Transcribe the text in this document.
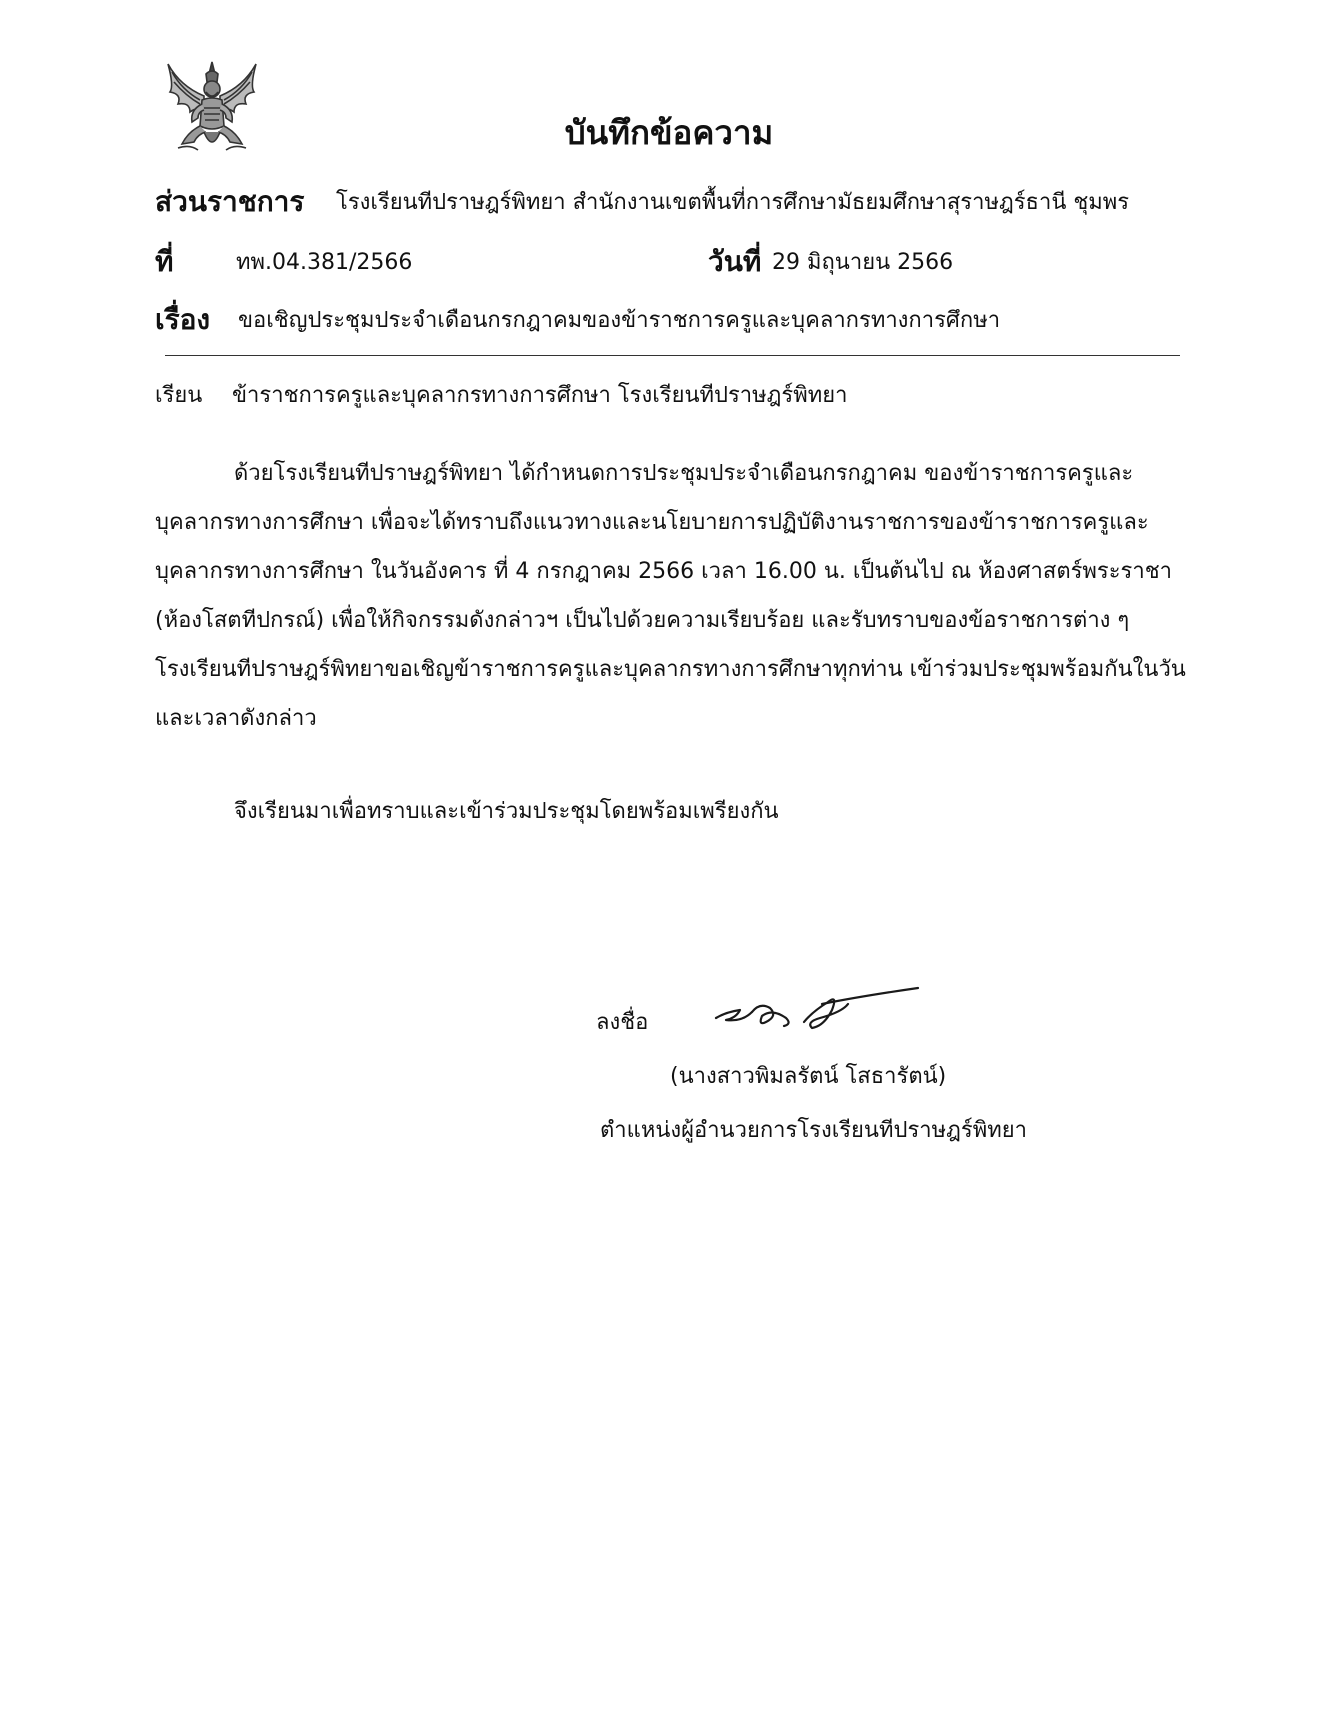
บันทึกข้อความ
ส่วนราชการ โรงเรียนทีปราษฎร์พิทยา สำนักงานเขตพื้นที่การศึกษามัธยมศึกษาสุราษฎร์ธานี ชุมพร
ที่	ทพ.04.381/2566	วันที่ 29 มิถุนายน 2566
เรื่อง ขอเชิญประชุมประจำเดือนกรกฎาคมของข้าราชการครูและบุคลากรทางการศึกษา
เรียน ข้าราชการครูและบุคลากรทางการศึกษา โรงเรียนทีปราษฎร์พิทยา
ด้วยโรงเรียนทีปราษฎร์พิทยา ได้กำหนดการประชุมประจำเดือนกรกฎาคม ของข้าราชการครูและ
บุคลากรทางการศึกษา เพื่อจะได้ทราบถึงแนวทางและนโยบายการปฏิบัติงานราชการของข้าราชการครูและ
บุคลากรทางการศึกษา ในวันอังคาร ที่ 4 กรกฎาคม 2566 เวลา 16.00 น. เป็นต้นไป ณ ห้องศาสตร์พระราชา
(ห้องโสตทีปกรณ์) เพื่อให้กิจกรรมดังกล่าวฯ เป็นไปด้วยความเรียบร้อย และรับทราบของข้อราชการต่าง ๆ
โรงเรียนทีปราษฎร์พิทยาขอเชิญข้าราชการครูและบุคลากรทางการศึกษาทุกท่าน เข้าร่วมประชุมพร้อมกันในวัน
และเวลาดังกล่าว
จึงเรียนมาเพื่อทราบและเข้าร่วมประชุมโดยพร้อมเพรียงกัน
ลงชื่อ
(นางสาวพิมลรัตน์ โสธารัตน์)
ตำแหน่งผู้อำนวยการโรงเรียนทีปราษฎร์พิทยา
